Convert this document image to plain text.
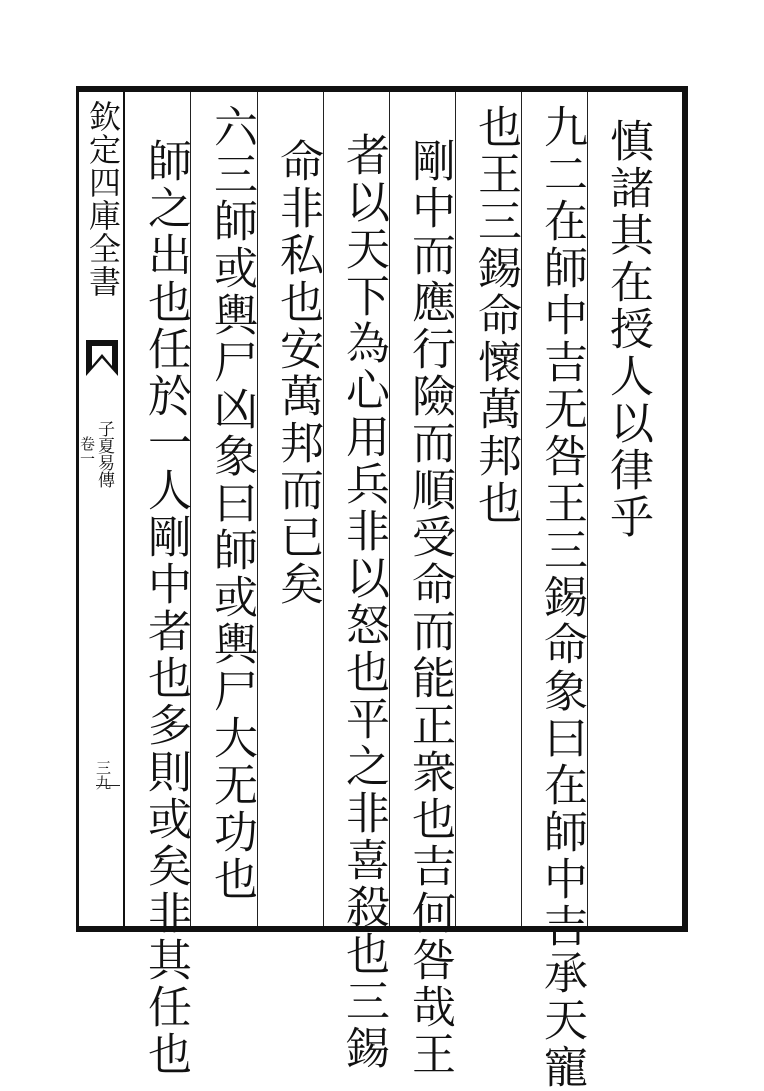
欽定四庫全書
子夏易傳
卷一
三九
慎諸其在授人以律乎
九二在師中吉无咎王三錫命象曰在師中吉承天寵
也王三錫命懷萬邦也
剛中而應行險而順受命而能正衆也吉何咎哉王
者以天下為心用兵非以怒也平之非喜殺也三錫
命非私也安萬邦而已矣
六三師或輿尸凶象曰師或輿尸大无功也
師之出也任於一人剛中者也多則或矣非其任也
